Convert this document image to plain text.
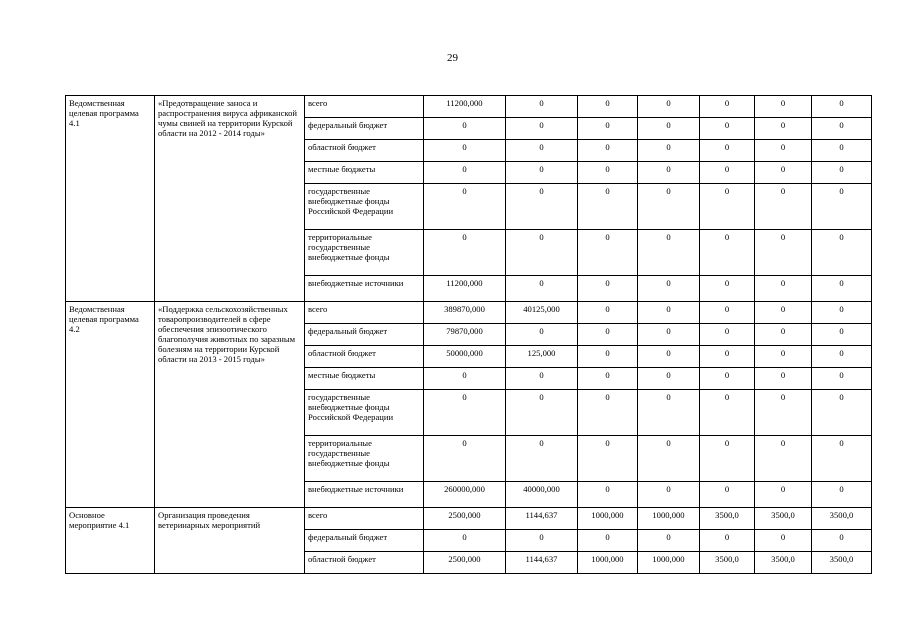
29
Ведомственная целевая программа 4.1	«Предотвращение заноса и распространения вируса африканской чумы свиней на территории Курской области на 2012 - 2014 годы»	всего	11200,000	0	0	0	0	0	0
		федеральный бюджет	0	0	0	0	0	0	0
		областной бюджет	0	0	0	0	0	0	0
		местные бюджеты	0	0	0	0	0	0	0
		государственные внебюджетные фонды Российской Федерации	0	0	0	0	0	0	0
		территориальные государственные внебюджетные фонды	0	0	0	0	0	0	0
		внебюджетные источники	11200,000	0	0	0	0	0	0
Ведомственная целевая программа 4.2	«Поддержка сельскохозяйственных товаропроизводителей в сфере обеспечения эпизоотического благополучия животных по заразным болезням на территории Курской области на 2013 - 2015 годы»	всего	389870,000	40125,000	0	0	0	0	0
		федеральный бюджет	79870,000	0	0	0	0	0	0
		областной бюджет	50000,000	125,000	0	0	0	0	0
		местные бюджеты	0	0	0	0	0	0	0
		государственные внебюджетные фонды Российской Федерации	0	0	0	0	0	0	0
		территориальные государственные внебюджетные фонды	0	0	0	0	0	0	0
		внебюджетные источники	260000,000	40000,000	0	0	0	0	0
Основное мероприятие 4.1	Организация проведения ветеринарных мероприятий	всего	2500,000	1144,637	1000,000	1000,000	3500,0	3500,0	3500,0
		федеральный бюджет	0	0	0	0	0	0	0
		областной бюджет	2500,000	1144,637	1000,000	1000,000	3500,0	3500,0	3500,0
